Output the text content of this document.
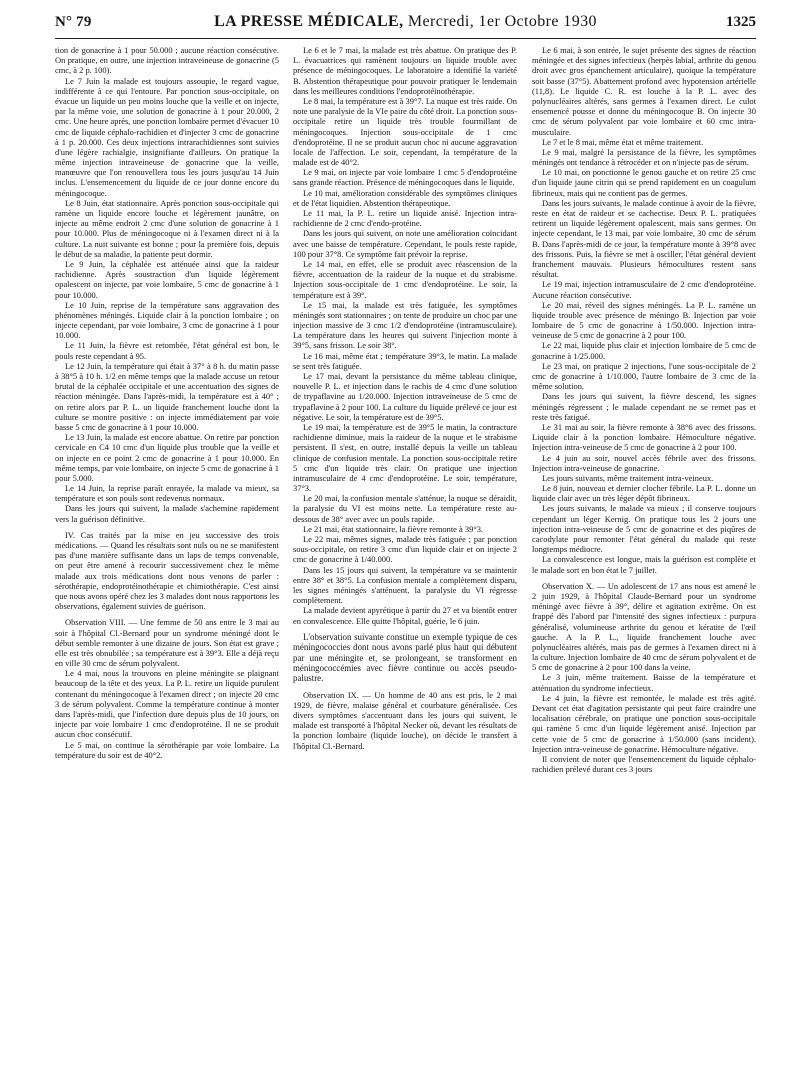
N° 79	LA PRESSE MÉDICALE, Mercredi, 1er Octobre 1930	1325

tion de gonacrine à 1 pour 50.000 ; aucune réaction consécutive. On pratique, en outre, une injection intraveineuse de gonacrine (5 cmc, à 2 p. 100).

Le 7 Juin la malade est toujours assoupie, le regard vague, indifférente à ce qui l'entoure. Par ponction sous-occipitale, on évacue un liquide un peu moins louche que la veille et on injecte, par la même voie, une solution de gonacrine à 1 pour 20.000, 2 cmc. Une heure après, une ponction lombaire permet d'évacuer 10 cmc de liquide céphalo-rachidien et d'injecter 3 cmc de gonacrine à 1 p. 20.000. Ces deux injections intrarachidiennes sont suivies d'une légère rachialgie, insignifiante d'ailleurs. On pratique la même injection intraveineuse de gonacrine que la veille, manœuvre que l'on renouvellera tous les jours jusqu'au 14 Juin inclus. L'ensemencement du liquide de ce jour donne encore du méningocoque.

Le 8 Juin, état stationnaire. Après ponction sous-occipitale qui ramène un liquide encore louche et légèrement jaunâtre, on injecte au même endroit 2 cmc d'une solution de gonacrine à 1 pour 10.000. Plus de méningocoque ni à l'examen direct ni à la culture. La nuit suivante est bonne ; pour la première fois, depuis le début de sa maladie, la patiente peut dormir.

Le 9 Juin, la céphalée est atténuée ainsi que la raideur rachidienne. Après soustraction d'un liquide légèrement opalescent on injecte, par voie lombaire, 5 cmc de gonacrine à 1 pour 10.000.

Le 10 Juin, reprise de la température sans aggravation des phénomènes méningés. Liquide clair à la ponction lombaire ; on injecte cependant, par voie lombaire, 3 cmc de gonacrine à 1 pour 10.000.

Le 11 Juin, la fièvre est retombée, l'état général est bon, le pouls reste cependant à 95.

Le 12 Juin, la température qui était à 37° à 8 h. du matin passe à 38°5 à 10 h. 1/2 en même temps que la malade accuse un retour brutal de la céphalée occipitale et une accentuation des signes de réaction méningée. Dans l'après-midi, la température est à 40° ; on retire alors par P. L. un liquide franchement louche dont la culture se montre positive : on injecte immédiatement par voie basse 5 cmc de gonacrine à 1 pour 10.000.

Le 13 Juin, la malade est encore abattue. On retire par ponction cervicale en C4 10 cmc d'un liquide plus trouble que la veille et on injecte en ce point 2 cmc de gonacrine à 1 pour 10.000. En même temps, par voie lombaire, on injecte 5 cmc de gonacrine à 1 pour 5.000.

Le 14 Juin, la reprise paraît enrayée, la malade va mieux, sa température et son pouls sont redevenus normaux.

Dans les jours qui suivent, la malade s'achemine rapidement vers la guérison définitive.

IV. Cas traités par la mise en jeu successive des trois médications. — Quand les résultats sont nuls ou ne se manifestent pas d'une manière suffisante dans un laps de temps convenable, on peut être amené à recourir successivement chez le même malade aux trois médications dont nous venons de parler : sérothérapie, endoprotéinothérapie et chimiothérapie. C'est ainsi que nous avons opéré chez les 3 malades dont nous rapportons les observations, également suivies de guérison.

Observation VIII. — Une femme de 50 ans entre le 3 mai au soir à l'hôpital Cl.-Bernard pour un syndrome méningé dont le début semble remonter à une dizaine de jours. Son état est grave ; elle est très obnubilée ; sa température est à 39°3. Elle a déjà reçu en ville 30 cmc de sérum polyvalent.

Le 4 mai, nous la trouvons en pleine méningite se plaignant beaucoup de la tête et des yeux. La P. L. retire un liquide purulent contenant du méningocoque à l'examen direct ; on injecte 20 cmc 3 de sérum polyvalent. Comme la température continue à monter dans l'après-midi, que l'infection dure depuis plus de 10 jours, on injecte par voie lombaire 1 cmc d'endoprotéine. Il ne se produit aucun choc consécutif.

Le 5 mai, on continue la sérothérapie par voie lombaire. La température du soir est de 40°2.

Le 6 et le 7 mai, la malade est très abattue. On pratique des P. L. évacuatrices qui ramènent toujours un liquide trouble avec présence de méningocoques. Le laboratoire a identifié la variété B. Abstention thérapeutique pour pouvoir pratiquer le lendemain dans les meilleures conditions l'endoprotéinothérapie.

Le 8 mai, la température est à 39°7. La nuque est très raide. On note une paralysie de la VIe paire du côté droit. La ponction sous-occipitale retire un liquide très trouble fourmillant de méningocoques. Injection sous-occipitale de 1 cmc d'endoprotéine. Il ne se produit aucun choc ni aucune aggravation locale de l'affection. Le soir, cependant, la température de la malade est de 40°2.

Le 9 mai, on injecte par voie lombaire 1 cmc 5 d'endoprotéine sans grande réaction. Présence de méningocoques dans le liquide.

Le 10 mai, amélioration considérable des symptômes cliniques et de l'état liquidien. Abstention thérapeutique.

Le 11 mai, la P. L. retire un liquide anisé. Injection intra-rachidienne de 2 cmc d'endo-protéine.

Dans les jours qui suivent, on note une amélioration coïncidant avec une baisse de température. Cependant, le pouls reste rapide, 100 pour 37°8. Ce symptôme fait prévoir la reprise.

Le 14 mai, en effet, elle se produit avec réascension de la fièvre, accentuation de la raideur de la nuque et du strabisme. Injection sous-occipitale de 1 cmc d'endoprotéine. Le soir, la température est à 39°.

Le 15 mai, la malade est très fatiguée, les symptômes méningés sont stationnaires ; on tente de produire un choc par une injection massive de 3 cmc 1/2 d'endoprotéine (intramusculaire). La température dans les heures qui suivent l'injection monte à 39°5, sans frisson. Le soir 38°.

Le 16 mai, même état ; température 39°3, le matin. La malade se sent très fatiguée.

Le 17 mai, devant la persistance du même tableau clinique, nouvelle P. L. et injection dans le rachis de 4 cmc d'une solution de trypaflavine au 1/20.000. Injection intraveineuse de 5 cmc de trypaflavine à 2 pour 100. La culture du liquide prélevé ce jour est négative. Le soir, la température est de 39°5.

Le 19 mai, la température est de 39°5 le matin, la contracture rachidienne diminue, mais la raideur de la nuque et le strabisme persistent. Il s'est, en outre, installé depuis la veille un tableau clinique de confusion mentale. La ponction sous-occipitale retire 5 cmc d'un liquide très clair. On pratique une injection intramusculaire de 4 cmc d'endoprotéine. Le soir, température, 37°3.

Le 20 mai, la confusion mentale s'atténue, la nuque se déraidit, la paralysie du VI est moins nette. La température reste au-dessous de 38° avec avec un pouls rapide.

Le 21 mai, état stationnaire, la fièvre remonte à 39°3.

Le 22 mai, mêmes signes, malade très fatiguée ; par ponction sous-occipitale, on retire 3 cmc d'un liquide clair et on injecte 2 cmc de gonacrine à 1/40.000.

Dans les 15 jours qui suivent, la température va se maintenir entre 38° et 38°5. La confusion mentale a complètement disparu, les signes méningés s'atténuent, la paralysie du VI régresse complètement.

La malade devient apyrétique à partir du 27 et va bientôt entrer en convalescence. Elle quitte l'hôpital, guérie, le 6 juin.

L'observation suivante constitue un exemple typique de ces méningococcies dont nous avons parlé plus haut qui débutent par une méningite et, se prolongeant, se transforment en méningococcémies avec fièvre continue ou accès pseudo-palustre.

Observation IX. — Un homme de 40 ans est pris, le 2 mai 1929, de fièvre, malaise général et courbature généralisée. Ces divers symptômes s'accentuant dans les jours qui suivent, le malade est transporté à l'hôpital Necker où, devant les résultats de la ponction lombaire (liquide louche), on décide le transfert à l'hôpital Cl.-Bernard.

Le 6 mai, à son entrée, le sujet présente des signes de réaction méningée et des signes infectieux (herpès labial, arthrite du genou droit avec gros épanchement articulaire), quoique la température soit basse (37°5). Abattement profond avec hypotension artérielle (11,8). Le liquide C. R. est louche à la P. L. avec des polynucléaires altérés, sans germes à l'examen direct. Le culot ensemencé pousse et donne du méningocoque B. On injecte 30 cmc de sérum polyvalent par voie lombaire et 60 cmc intra-musculaire.

Le 7 et le 8 mai, même état et même traitement.

Le 9 mai, malgré la persistance de la fièvre, les symptômes méningés ont tendance à rétrocéder et on n'injecte pas de sérum.

Le 10 mai, on ponctionne le genou gauche et on retire 25 cmc d'un liquide jaune citrin qui se prend rapidement en un coagulum fibrineux, mais qui ne contient pas de germes.

Dans les jours suivants, le malade continue à avoir de la fièvre, reste en état de raideur et se cachectise. Deux P. L. pratiquées retirent un liquide légèrement opalescent, mais sans germes. On injecte cependant, le 13 mai, par voie lombaire, 30 cmc de sérum B. Dans l'après-midi de ce jour, la température monte à 39°8 avec des frissons. Puis, la fièvre se met à osciller, l'état général devient franchement mauvais. Plusieurs hémocultures restent sans résultat.

Le 19 mai, injection intramusculaire de 2 cmc d'endoprotéine. Aucune réaction consécutive.

Le 20 mai, réveil des signes méningés. La P. L. ramène un liquide trouble avec présence de méningo B. Injection par voie lombaire de 5 cmc de gonacrine à 1/50.000. Injection intra-veineuse de 5 cmc de gonacrine à 2 pour 100.

Le 22 mai, liquide plus clair et injection lombaire de 5 cmc de gonacrine à 1/25.000.

Le 23 mai, on pratique 2 injections, l'une sous-occipitale de 2 cmc de gonacrine à 1/10.000, l'autre lombaire de 3 cmc de la même solution.

Dans les jours qui suivent, la fièvre descend, les signes méningés régressent ; le malade cependant ne se remet pas et reste très fatigué.

Le 31 mai au soir, la fièvre remonte à 38°6 avec des frissons. Liquide clair à la ponction lombaire. Hémoculture négative. Injection intra-veineuse de 5 cmc de gonacrine à 2 pour 100.

Le 4 juin au soir, nouvel accès fébrile avec des frissons. Injection intra-veineuse de gonacrine.

Les jours suivants, même traitement intra-veineux.

Le 8 juin, nouveau et dernier clocher fébrile. La P. L. donne un liquide clair avec un très léger dépôt fibrineux.

Les jours suivants, le malade va mieux ; il conserve toujours cependant un léger Kernig. On pratique tous les 2 jours une injection intra-veineuse de 5 cmc de gonacrine et des piqûres de cacodylate pour remonter l'état général du malade qui reste longtemps médiocre.

La convalescence est longue, mais la guérison est complète et le malade sort en bon état le 7 juillet.

Observation X. — Un adolescent de 17 ans nous est amené le 2 juin 1929, à l'hôpital Claude-Bernard pour un syndrome méningé avec fièvre à 39°, délire et agitation extrême. On est frappé dès l'abord par l'intensité des signes infectieux : purpura généralisé, volumineuse arthrite du genou et kératite de l'œil gauche. A la P. L., liquide franchement louche avec polynucléaires altérés, mais pas de germes à l'examen direct ni à la culture. Injection lombaire de 40 cmc de sérum polyvalent et de 5 cmc de gonacrine à 2 pour 100 dans la veine.

Le 3 juin, même traitement. Baisse de la température et atténuation du syndrome infectieux.

Le 4 juin, la fièvre est remontée, le malade est très agité. Devant cet état d'agitation persistante qui peut faire craindre une localisation cérébrale, on pratique une ponction sous-occipitale qui ramène 5 cmc d'un liquide légèrement anisé. Injection par cette voie de 5 cmc de gonacrine à 1/50.000 (sans incident). Injection intra-veineuse de gonacrine. Hémoculture négative.

Il convient de noter que l'ensemencement du liquide céphalo-rachidien prélevé durant ces 3 jours
